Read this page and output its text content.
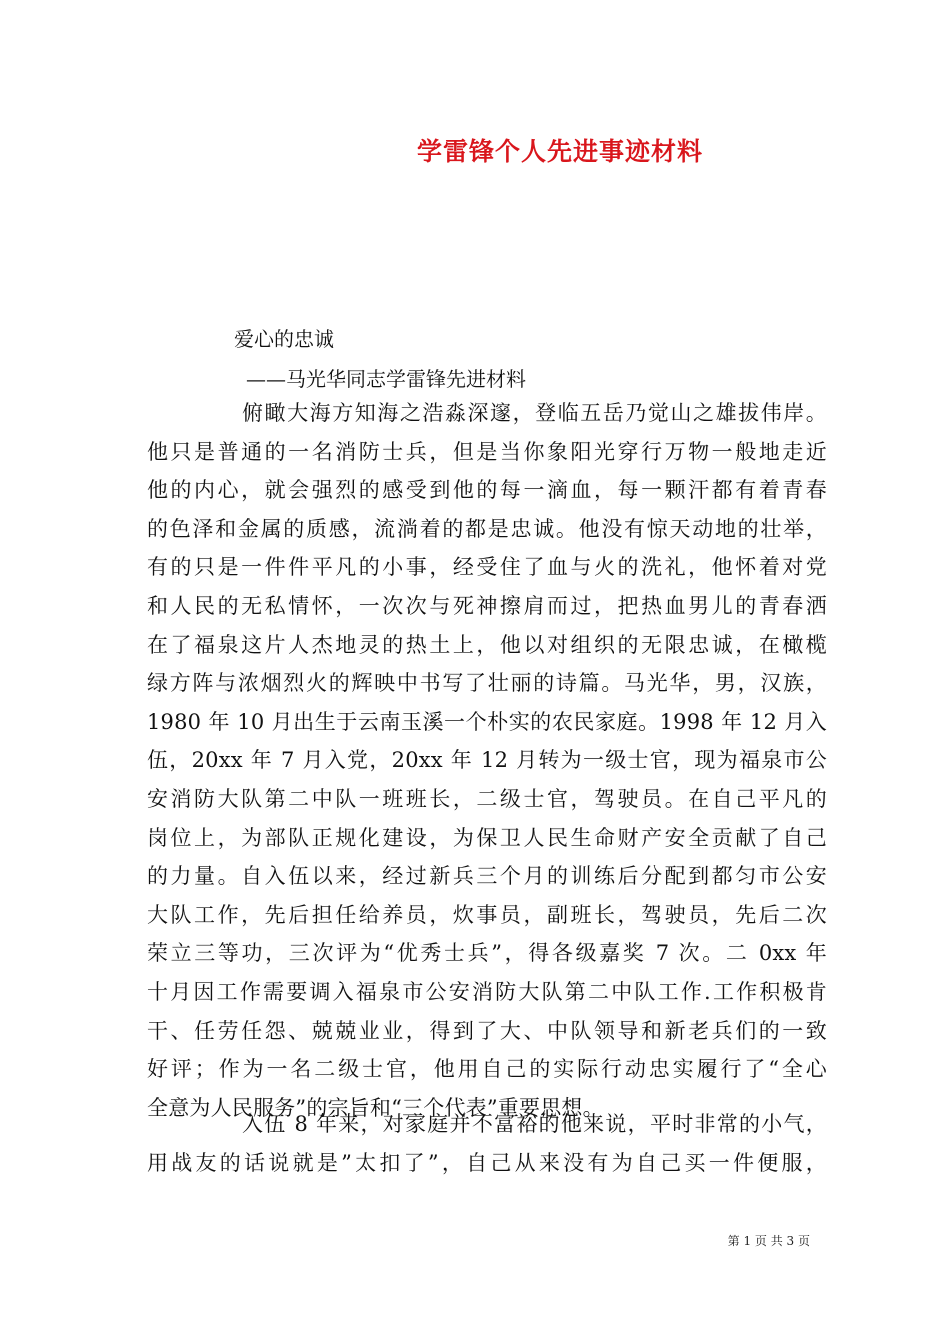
学雷锋个人先进事迹材料
爱心的忠诚
——马光华同志学雷锋先进材料
俯瞰大海方知海之浩淼深邃，登临五岳乃觉山之雄拔伟岸。
他只是普通的一名消防士兵，但是当你象阳光穿行万物一般地走近
他的内心，就会强烈的感受到他的每一滴血，每一颗汗都有着青春
的色泽和金属的质感，流淌着的都是忠诚。他没有惊天动地的壮举，
有的只是一件件平凡的小事，经受住了血与火的洗礼，他怀着对党
和人民的无私情怀，一次次与死神擦肩而过，把热血男儿的青春洒
在了福泉这片人杰地灵的热土上，他以对组织的无限忠诚，在橄榄
绿方阵与浓烟烈火的辉映中书写了壮丽的诗篇。马光华，男，汉族，
1980 年 10 月出生于云南玉溪一个朴实的农民家庭。1998 年 12 月入
伍，20xx 年 7 月入党，20xx 年 12 月转为一级士官，现为福泉市公
安消防大队第二中队一班班长，二级士官，驾驶员。在自己平凡的
岗位上，为部队正规化建设，为保卫人民生命财产安全贡献了自己
的力量。自入伍以来，经过新兵三个月的训练后分配到都匀市公安
大队工作，先后担任给养员，炊事员，副班长，驾驶员，先后二次
荣立三等功，三次评为“优秀士兵”，得各级嘉奖 7 次。二 0xx 年
十月因工作需要调入福泉市公安消防大队第二中队工作.工作积极肯
干、任劳任怨、兢兢业业，得到了大、中队领导和新老兵们的一致
好评；作为一名二级士官，他用自己的实际行动忠实履行了“全心
全意为人民服务”的宗旨和“三个代表”重要思想。
入伍 8 年来，对家庭并不富裕的他来说，平时非常的小气，
用战友的话说就是”太扣了”，自己从来没有为自己买一件便服，
第 1 页 共 3 页
